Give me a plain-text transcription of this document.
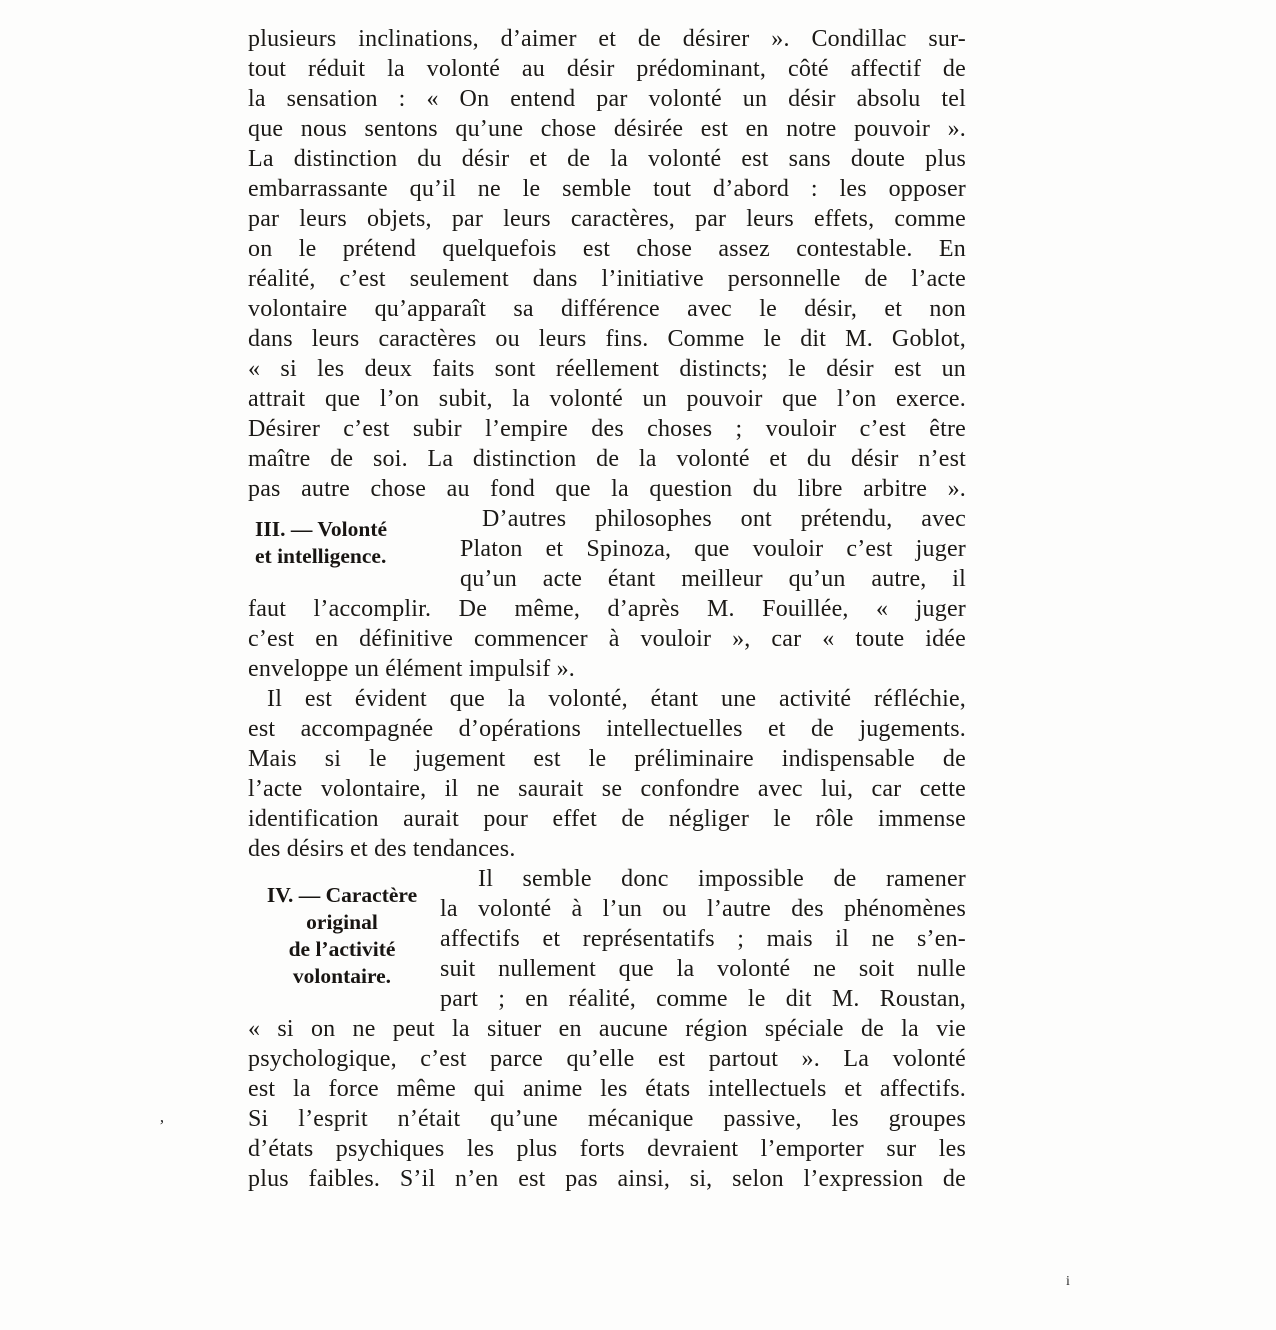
plusieurs inclinations, d’aimer et de désirer ». Condillac sur-
tout réduit la volonté au désir prédominant, côté affectif de
la sensation : « On entend par volonté un désir absolu tel
que nous sentons qu’une chose désirée est en notre pouvoir ».
La distinction du désir et de la volonté est sans doute plus
embarrassante qu’il ne le semble tout d’abord : les opposer
par leurs objets, par leurs caractères, par leurs effets, comme
on le prétend quelquefois est chose assez contestable. En
réalité, c’est seulement dans l’initiative personnelle de l’acte
volontaire qu’apparaît sa différence avec le désir, et non
dans leurs caractères ou leurs fins. Comme le dit M. Goblot,
« si les deux faits sont réellement distincts; le désir est un
attrait que l’on subit, la volonté un pouvoir que l’on exerce.
Désirer c’est subir l’empire des choses ; vouloir c’est être
maître de soi. La distinction de la volonté et du désir n’est
pas autre chose au fond que la question du libre arbitre ».
III. — Volonté
et intelligence.
D’autres philosophes ont prétendu, avec
Platon et Spinoza, que vouloir c’est juger
qu’un acte étant meilleur qu’un autre, il
faut l’accomplir. De même, d’après M. Fouillée, « juger
c’est en définitive commencer à vouloir », car « toute idée
enveloppe un élément impulsif ».
Il est évident que la volonté, étant une activité réfléchie,
est accompagnée d’opérations intellectuelles et de jugements.
Mais si le jugement est le préliminaire indispensable de
l’acte volontaire, il ne saurait se confondre avec lui, car cette
identification aurait pour effet de négliger le rôle immense
des désirs et des tendances.
IV. — Caractère
original
de l’activité
volontaire.
Il semble donc impossible de ramener
la volonté à l’un ou l’autre des phénomènes
affectifs et représentatifs ; mais il ne s’en-
suit nullement que la volonté ne soit nulle
part ; en réalité, comme le dit M. Roustan,
« si on ne peut la situer en aucune région spéciale de la vie
psychologique, c’est parce qu’elle est partout ». La volonté
est la force même qui anime les états intellectuels et affectifs.
Si l’esprit n’était qu’une mécanique passive, les groupes
d’états psychiques les plus forts devraient l’emporter sur les
plus faibles. S’il n’en est pas ainsi, si, selon l’expression de
’
i
